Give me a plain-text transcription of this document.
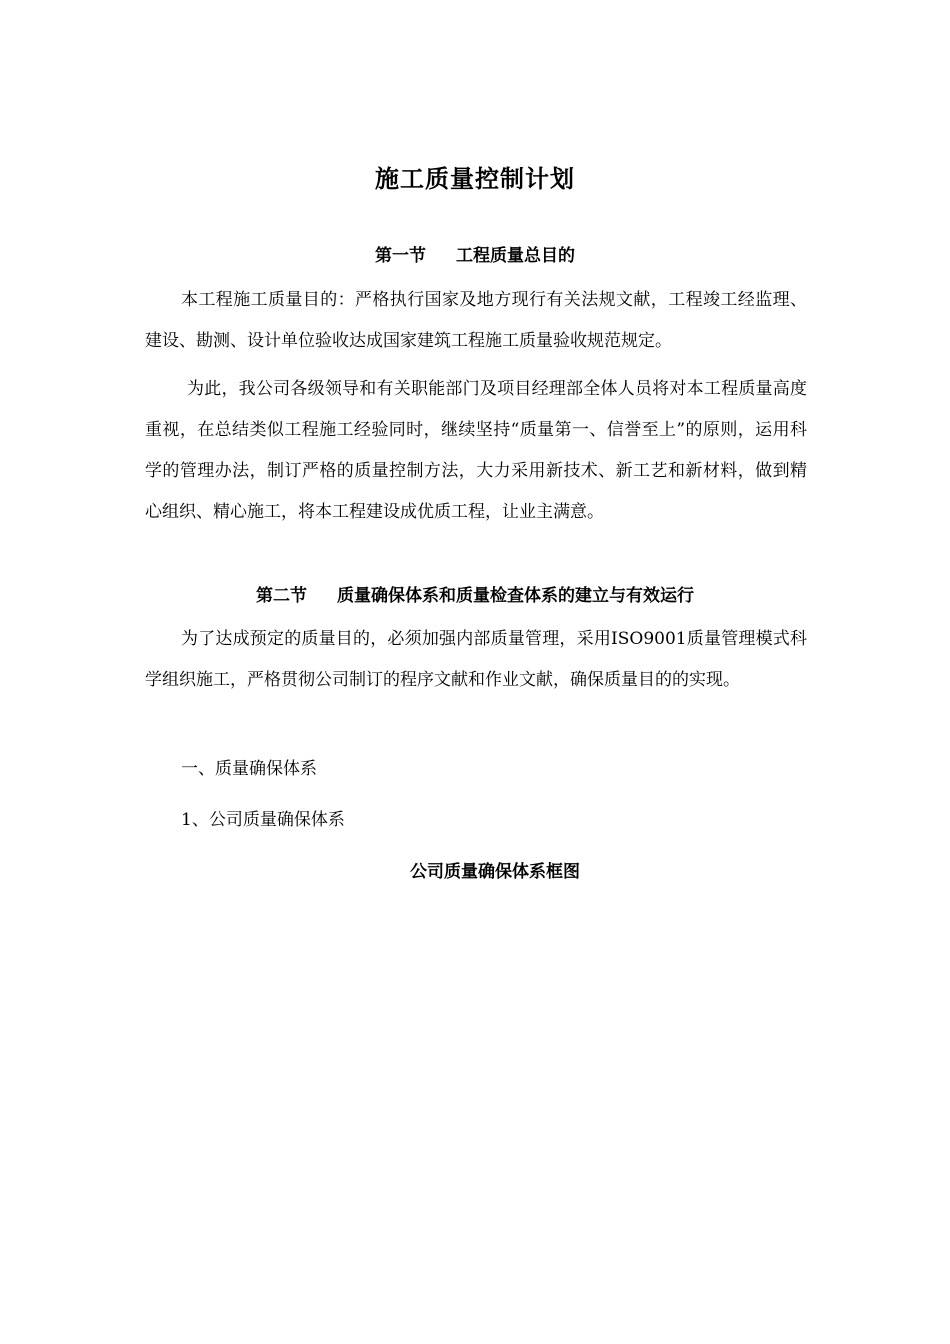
施工质量控制计划
第一节 工程质量总目的

本工程施工质量目的：严格执行国家及地方现行有关法规文献，工程竣工经监理、建设、勘测、设计单位验收达成国家建筑工程施工质量验收规范规定。

为此，我公司各级领导和有关职能部门及项目经理部全体人员将对本工程质量高度重视，在总结类似工程施工经验同时，继续坚持“质量第一、信誉至上”的原则，运用科学的管理办法，制订严格的质量控制方法，大力采用新技术、新工艺和新材料，做到精心组织、精心施工，将本工程建设成优质工程，让业主满意。

第二节 质量确保体系和质量检查体系的建立与有效运行

为了达成预定的质量目的，必须加强内部质量管理，采用ISO9001质量管理模式科学组织施工，严格贯彻公司制订的程序文献和作业文献，确保质量目的的实现。

一、质量确保体系
1、公司质量确保体系
公司质量确保体系框图
